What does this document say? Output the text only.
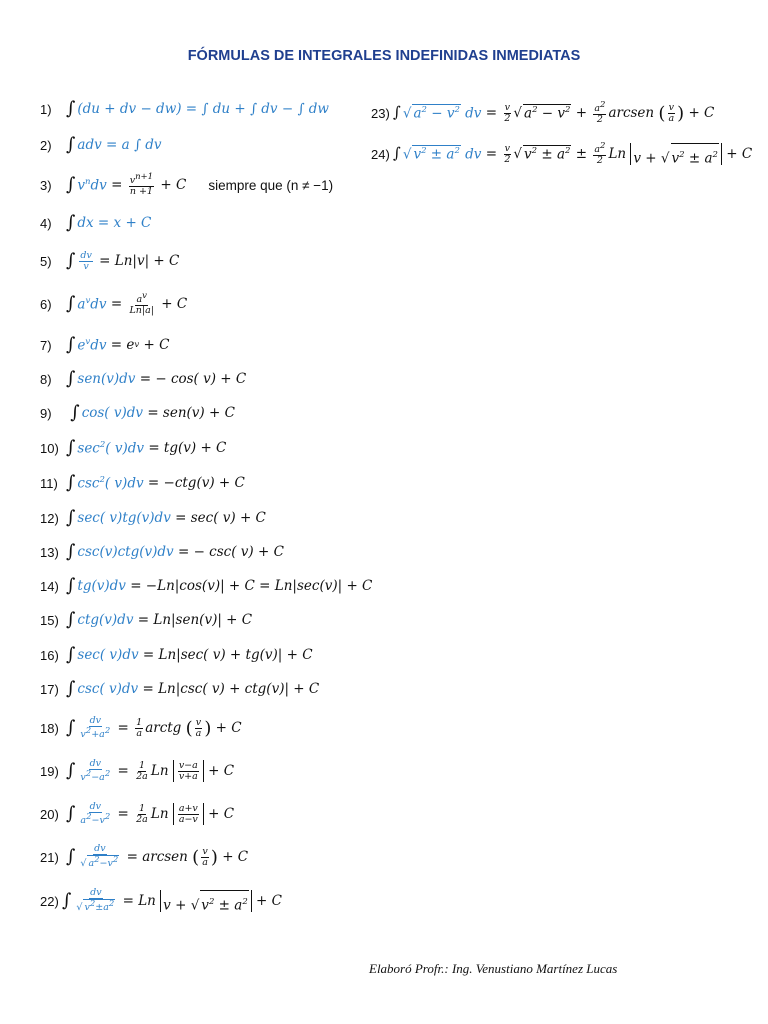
FÓRMULAS DE INTEGRALES INDEFINIDAS INMEDIATAS
1) ∫ (du + dv − dw) = ∫ du + ∫ dv − ∫ dw
2) ∫ adv = a ∫ dv
3) ∫ $v^ndv = \frac{v^{n+1}}{n +1} + C$ siempre que (n ≠ −1)
4) ∫ dx = x + C
5) ∫ $\frac{dv}{v}$
= Ln|v| + C
6) ∫ $a^vdv = \frac{a^v}{Ln|a|} + C$
7) ∫ $e^vdv = e$ v + C
8) ∫ sen(v)dv
= − cos( v) + C
9)
	∫ cos( v)dv
= sen(v) + C
10) ∫ $\sec^2$( v)dv
= tg(v) + C
11) ∫ $\csc^2$( v)dv
= −ctg(v) + C
12) ∫ sec( v)tg(v)dv
= sec( v) + C
13) ∫ csc(v)ctg(v)dv
= − csc( v) + C
14) ∫ tg(v)dv
= −Ln|cos(v)| + C = Ln|sec(v)| + C
15) ∫ ctg(v)dv
= Ln|sen(v)| + C
16) ∫ sec( v)dv
= Ln|sec( v) + tg(v)| + C
17) ∫ csc( v)dv
= Ln|csc( v) + ctg(v)| + C
18) ∫ $\frac{dv}{v^2+a^2} = \frac{1}{a}$ arctg
( $\frac{v}{a}$ ) + C
19) ∫ $\frac{dv}{v^2-a^2} = \frac{1}{2a}$ Ln $\frac{v-a}{v+a} + C$
20) ∫ $\frac{dv}{a^2-v^2} = \frac{1}{2a}$ Ln $\frac{a+v}{a-v} + C$
21) ∫ $\frac{dv}{√ a^2-v^2}$
= arcsen
( $\frac{v}{a}$ ) + C
22) ∫ $\frac{dv}{√ v^2\pm a^2} = Ln$ v + √ $v^2 \pm a^2 + C$
23) ∫ √ $a^2 - v^2$ dv = $\frac{v}{2}$ √ $a^2 - v^2 + \frac{a^2}{2}$ arcsen
( $\frac{v}{a}$ ) + C
24) ∫ √ $v^2 \pm a^2$ dv = $\frac{v}{2}$ √ $v^2 \pm a^2 \pm \frac{a^2}{2}$ Ln v + √ $v^2 \pm a^2 + C$
Elaboró Profr.: Ing. Venustiano Martínez Lucas
